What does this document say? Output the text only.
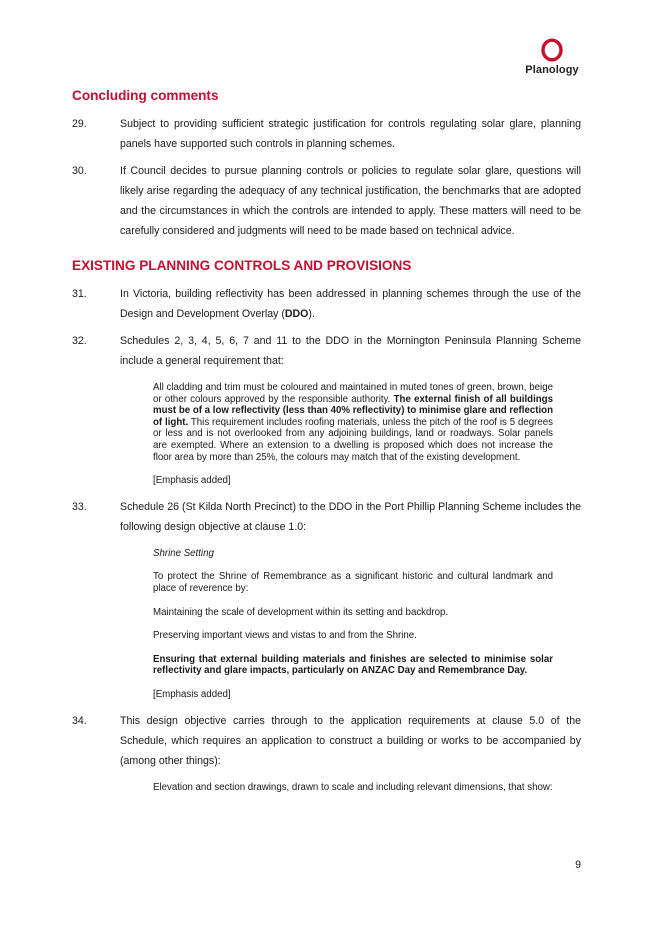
Planology
Concluding comments
29.	Subject to providing sufficient strategic justification for controls regulating solar glare, planning panels have supported such controls in planning schemes.
30.	If Council decides to pursue planning controls or policies to regulate solar glare, questions will likely arise regarding the adequacy of any technical justification, the benchmarks that are adopted and the circumstances in which the controls are intended to apply. These matters will need to be carefully considered and judgments will need to be made based on technical advice.
EXISTING PLANNING CONTROLS AND PROVISIONS
31.	In Victoria, building reflectivity has been addressed in planning schemes through the use of the Design and Development Overlay (DDO).
32.	Schedules 2, 3, 4, 5, 6, 7 and 11 to the DDO in the Mornington Peninsula Planning Scheme include a general requirement that:
All cladding and trim must be coloured and maintained in muted tones of green, brown, beige or other colours approved by the responsible authority. The external finish of all buildings must be of a low reflectivity (less than 40% reflectivity) to minimise glare and reflection of light. This requirement includes roofing materials, unless the pitch of the roof is 5 degrees or less and is not overlooked from any adjoining buildings, land or roadways. Solar panels are exempted. Where an extension to a dwelling is proposed which does not increase the floor area by more than 25%, the colours may match that of the existing development.
[Emphasis added]
33.	Schedule 26 (St Kilda North Precinct) to the DDO in the Port Phillip Planning Scheme includes the following design objective at clause 1.0:
Shrine Setting
To protect the Shrine of Remembrance as a significant historic and cultural landmark and place of reverence by:
Maintaining the scale of development within its setting and backdrop.
Preserving important views and vistas to and from the Shrine.
Ensuring that external building materials and finishes are selected to minimise solar reflectivity and glare impacts, particularly on ANZAC Day and Remembrance Day.
[Emphasis added]
34.	This design objective carries through to the application requirements at clause 5.0 of the Schedule, which requires an application to construct a building or works to be accompanied by (among other things):
Elevation and section drawings, drawn to scale and including relevant dimensions, that show:
9
